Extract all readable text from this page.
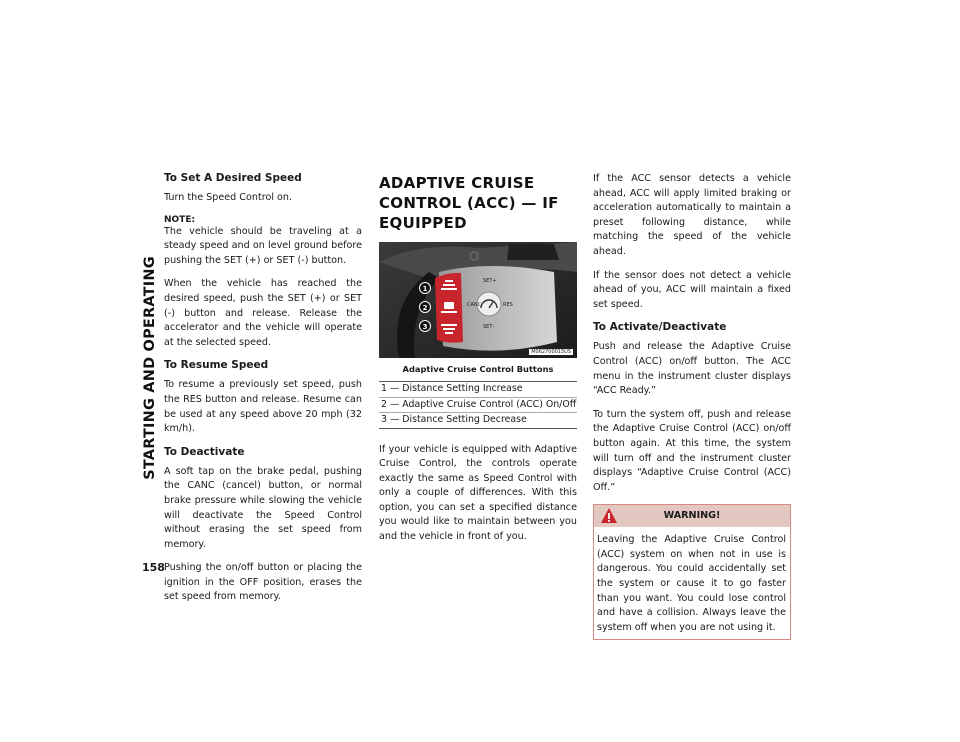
STARTING AND OPERATING
158
To Set A Desired Speed

Turn the Speed Control on.

NOTE:

The vehicle should be traveling at a steady speed and on level ground before pushing the SET (+) or SET (-) button.

When the vehicle has reached the desired speed, push the SET (+) or SET (-) button and release. Release the accelerator and the vehicle will operate at the selected speed.

To Resume Speed

To resume a previously set speed, push the RES button and release. Resume can be used at any speed above 20 mph (32 km/h).

To Deactivate

A soft tap on the brake pedal, pushing the CANC (cancel) button, or normal brake pressure while slowing the vehicle will deactivate the Speed Control without erasing the set speed from memory.

Pushing the on/off button or placing the ignition in the OFF position, erases the set speed from memory.

ADAPTIVE CRUISE CONTROL (ACC) — IF EQUIPPED
SET+
CANC	RES
SET–
1
2
3
M062700015US
Adaptive Cruise Control Buttons
1 — Distance Setting Increase
2 — Adaptive Cruise Control (ACC) On/Off
3 — Distance Setting Decrease

If your vehicle is equipped with Adaptive Cruise Control, the controls operate exactly the same as Speed Control with only a couple of differences. With this option, you can set a specified distance you would like to maintain between you and the vehicle in front of you.

If the ACC sensor detects a vehicle ahead, ACC will apply limited braking or acceleration automatically to maintain a preset following distance, while matching the speed of the vehicle ahead.

If the sensor does not detect a vehicle ahead of you, ACC will maintain a fixed set speed.

To Activate/Deactivate

Push and release the Adaptive Cruise Control (ACC) on/off button. The ACC menu in the instrument cluster displays “ACC Ready.”

To turn the system off, push and release the Adaptive Cruise Control (ACC) on/off button again. At this time, the system will turn off and the instrument cluster displays “Adaptive Cruise Control (ACC) Off.”

WARNING!

Leaving the Adaptive Cruise Control (ACC) system on when not in use is dangerous. You could accidentally set the system or cause it to go faster than you want. You could lose control and have a collision. Always leave the system off when you are not using it.
